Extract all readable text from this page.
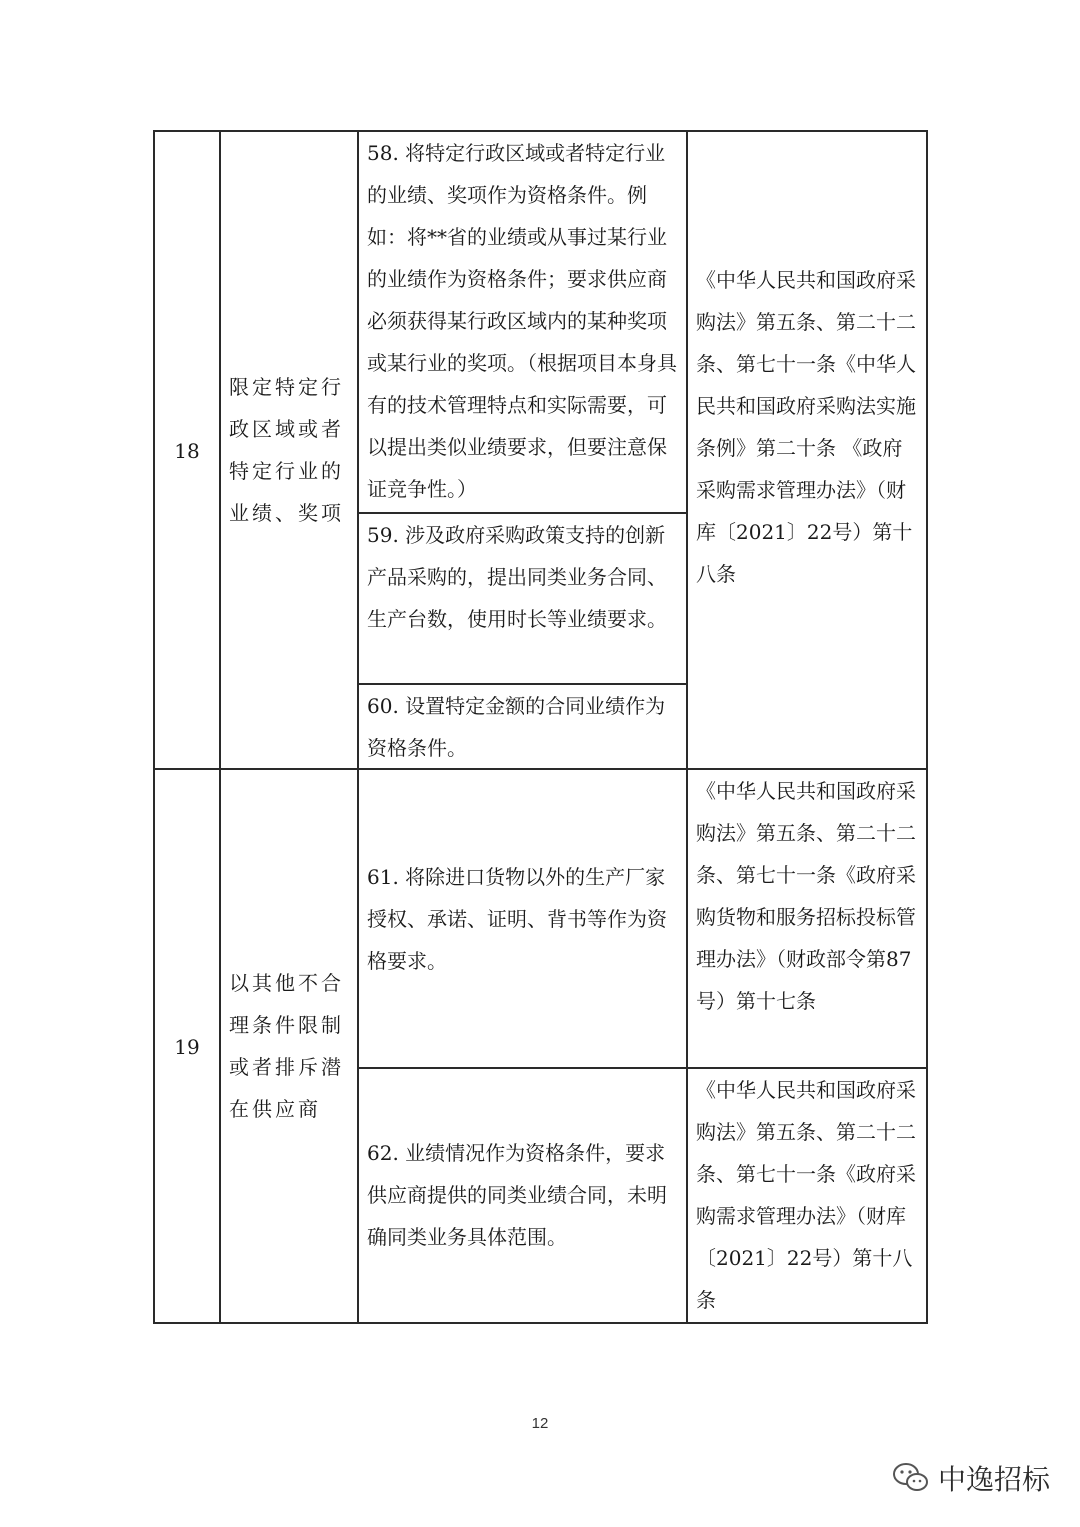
18
限定特定行政区域或者特定行业的业绩、奖项
58. 将特定行政区域或者特定行业的业绩、奖项作为资格条件。例如：将**省的业绩或从事过某行业的业绩作为资格条件；要求供应商必须获得某行政区域内的某种奖项或某行业的奖项。（根据项目本身具有的技术管理特点和实际需要，可以提出类似业绩要求，但要注意保证竞争性。）
59. 涉及政府采购政策支持的创新产品采购的，提出同类业务合同、生产台数，使用时长等业绩要求。
60. 设置特定金额的合同业绩作为资格条件。
《中华人民共和国政府采购法》第五条、第二十二条、第七十一条《中华人民共和国政府采购法实施条例》第二十条 《政府采购需求管理办法》（财库〔2021〕22号）第十八条
19
以其他不合理条件限制或者排斥潜在供应商
61. 将除进口货物以外的生产厂家授权、承诺、证明、背书等作为资格要求。
《中华人民共和国政府采购法》第五条、第二十二条、第七十一条《政府采购货物和服务招标投标管理办法》（财政部令第87号）第十七条
62. 业绩情况作为资格条件，要求供应商提供的同类业绩合同，未明确同类业务具体范围。
《中华人民共和国政府采购法》第五条、第二十二条、第七十一条《政府采购需求管理办法》（财库〔2021〕22号）第十八条
12
中逸招标
